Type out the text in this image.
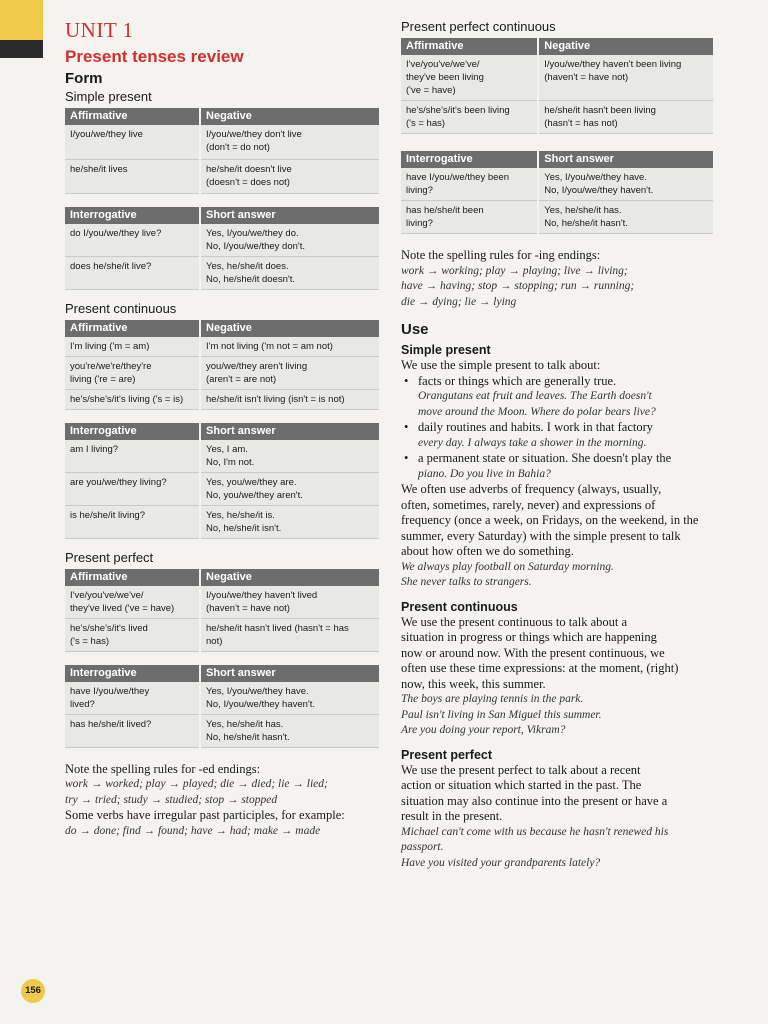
UNIT 1
Present tenses review
Form
Simple present
Affirmative	Negative

I/you/we/they live	I/you/we/they don't live
(don't = do not)

he/she/it lives	he/she/it doesn't live
(doesn't = does not)
Interrogative	Short answer

do I/you/we/they live?	Yes, I/you/we/they do.
No, I/you/we/they don't.

does he/she/it live?	Yes, he/she/it does.
No, he/she/it doesn't.
Present continuous
Affirmative	Negative

I'm living ('m = am)	I'm not living ('m not = am not)

you're/we're/they're
living ('re = are)	you/we/they aren't living
(aren't = are not)

he's/she's/it's living ('s = is)	he/she/it isn't living (isn't = is not)
Interrogative	Short answer

am I living?	Yes, I am.
No, I'm not.

are you/we/they living?	Yes, you/we/they are.
No, you/we/they aren't.

is he/she/it living?	Yes, he/she/it is.
No, he/she/it isn't.
Present perfect
Affirmative	Negative

I've/you've/we've/
they've lived ('ve = have)	I/you/we/they haven't lived
(haven't = have not)

he's/she's/it's lived
('s = has)	he/she/it hasn't lived (hasn't = has
not)
Interrogative	Short answer

have I/you/we/they
lived?	Yes, I/you/we/they have.
No, I/you/we/they haven't.

has he/she/it lived?	Yes, he/she/it has.
No, he/she/it hasn't.
Note the spelling rules for -ed endings:
work → worked; play → played; die → died; lie → lied;
try → tried; study → studied; stop → stopped
Some verbs have irregular past participles, for example:
do → done; find → found; have → had; make → made
Present perfect continuous
Affirmative	Negative

I've/you've/we've/
they've been living
('ve = have)	I/you/we/they haven't been living
(haven't = have not)

he's/she's/it's been living
('s = has)	he/she/it hasn't been living
(hasn't = has not)
Interrogative	Short answer

have I/you/we/they been
living?	Yes, I/you/we/they have.
No, I/you/we/they haven't.

has he/she/it been
living?	Yes, he/she/it has.
No, he/she/it hasn't.
Note the spelling rules for -ing endings:
work → working; play → playing; live → living;
have → having; stop → stopping; run → running;
die → dying; lie → lying
Use
Simple present
We use the simple present to talk about:
• facts or things which are generally true.
Orangutans eat fruit and leaves. The Earth doesn't
move around the Moon. Where do polar bears live?
• daily routines and habits. I work in that factory
every day. I always take a shower in the morning.
• a permanent state or situation. She doesn't play the
piano. Do you live in Bahia?
We often use adverbs of frequency (always, usually,
often, sometimes, rarely, never) and expressions of
frequency (once a week, on Fridays, on the weekend, in the
summer, every Saturday) with the simple present to talk
about how often we do something.
We always play football on Saturday morning.
She never talks to strangers.
Present continuous
We use the present continuous to talk about a
situation in progress or things which are happening
now or around now. With the present continuous, we
often use these time expressions: at the moment, (right)
now, this week, this summer.
The boys are playing tennis in the park.
Paul isn't living in San Miguel this summer.
Are you doing your report, Vikram?
Present perfect
We use the present perfect to talk about a recent
action or situation which started in the past. The
situation may also continue into the present or have a
result in the present.
Michael can't come with us because he hasn't renewed his
passport.
Have you visited your grandparents lately?
156
